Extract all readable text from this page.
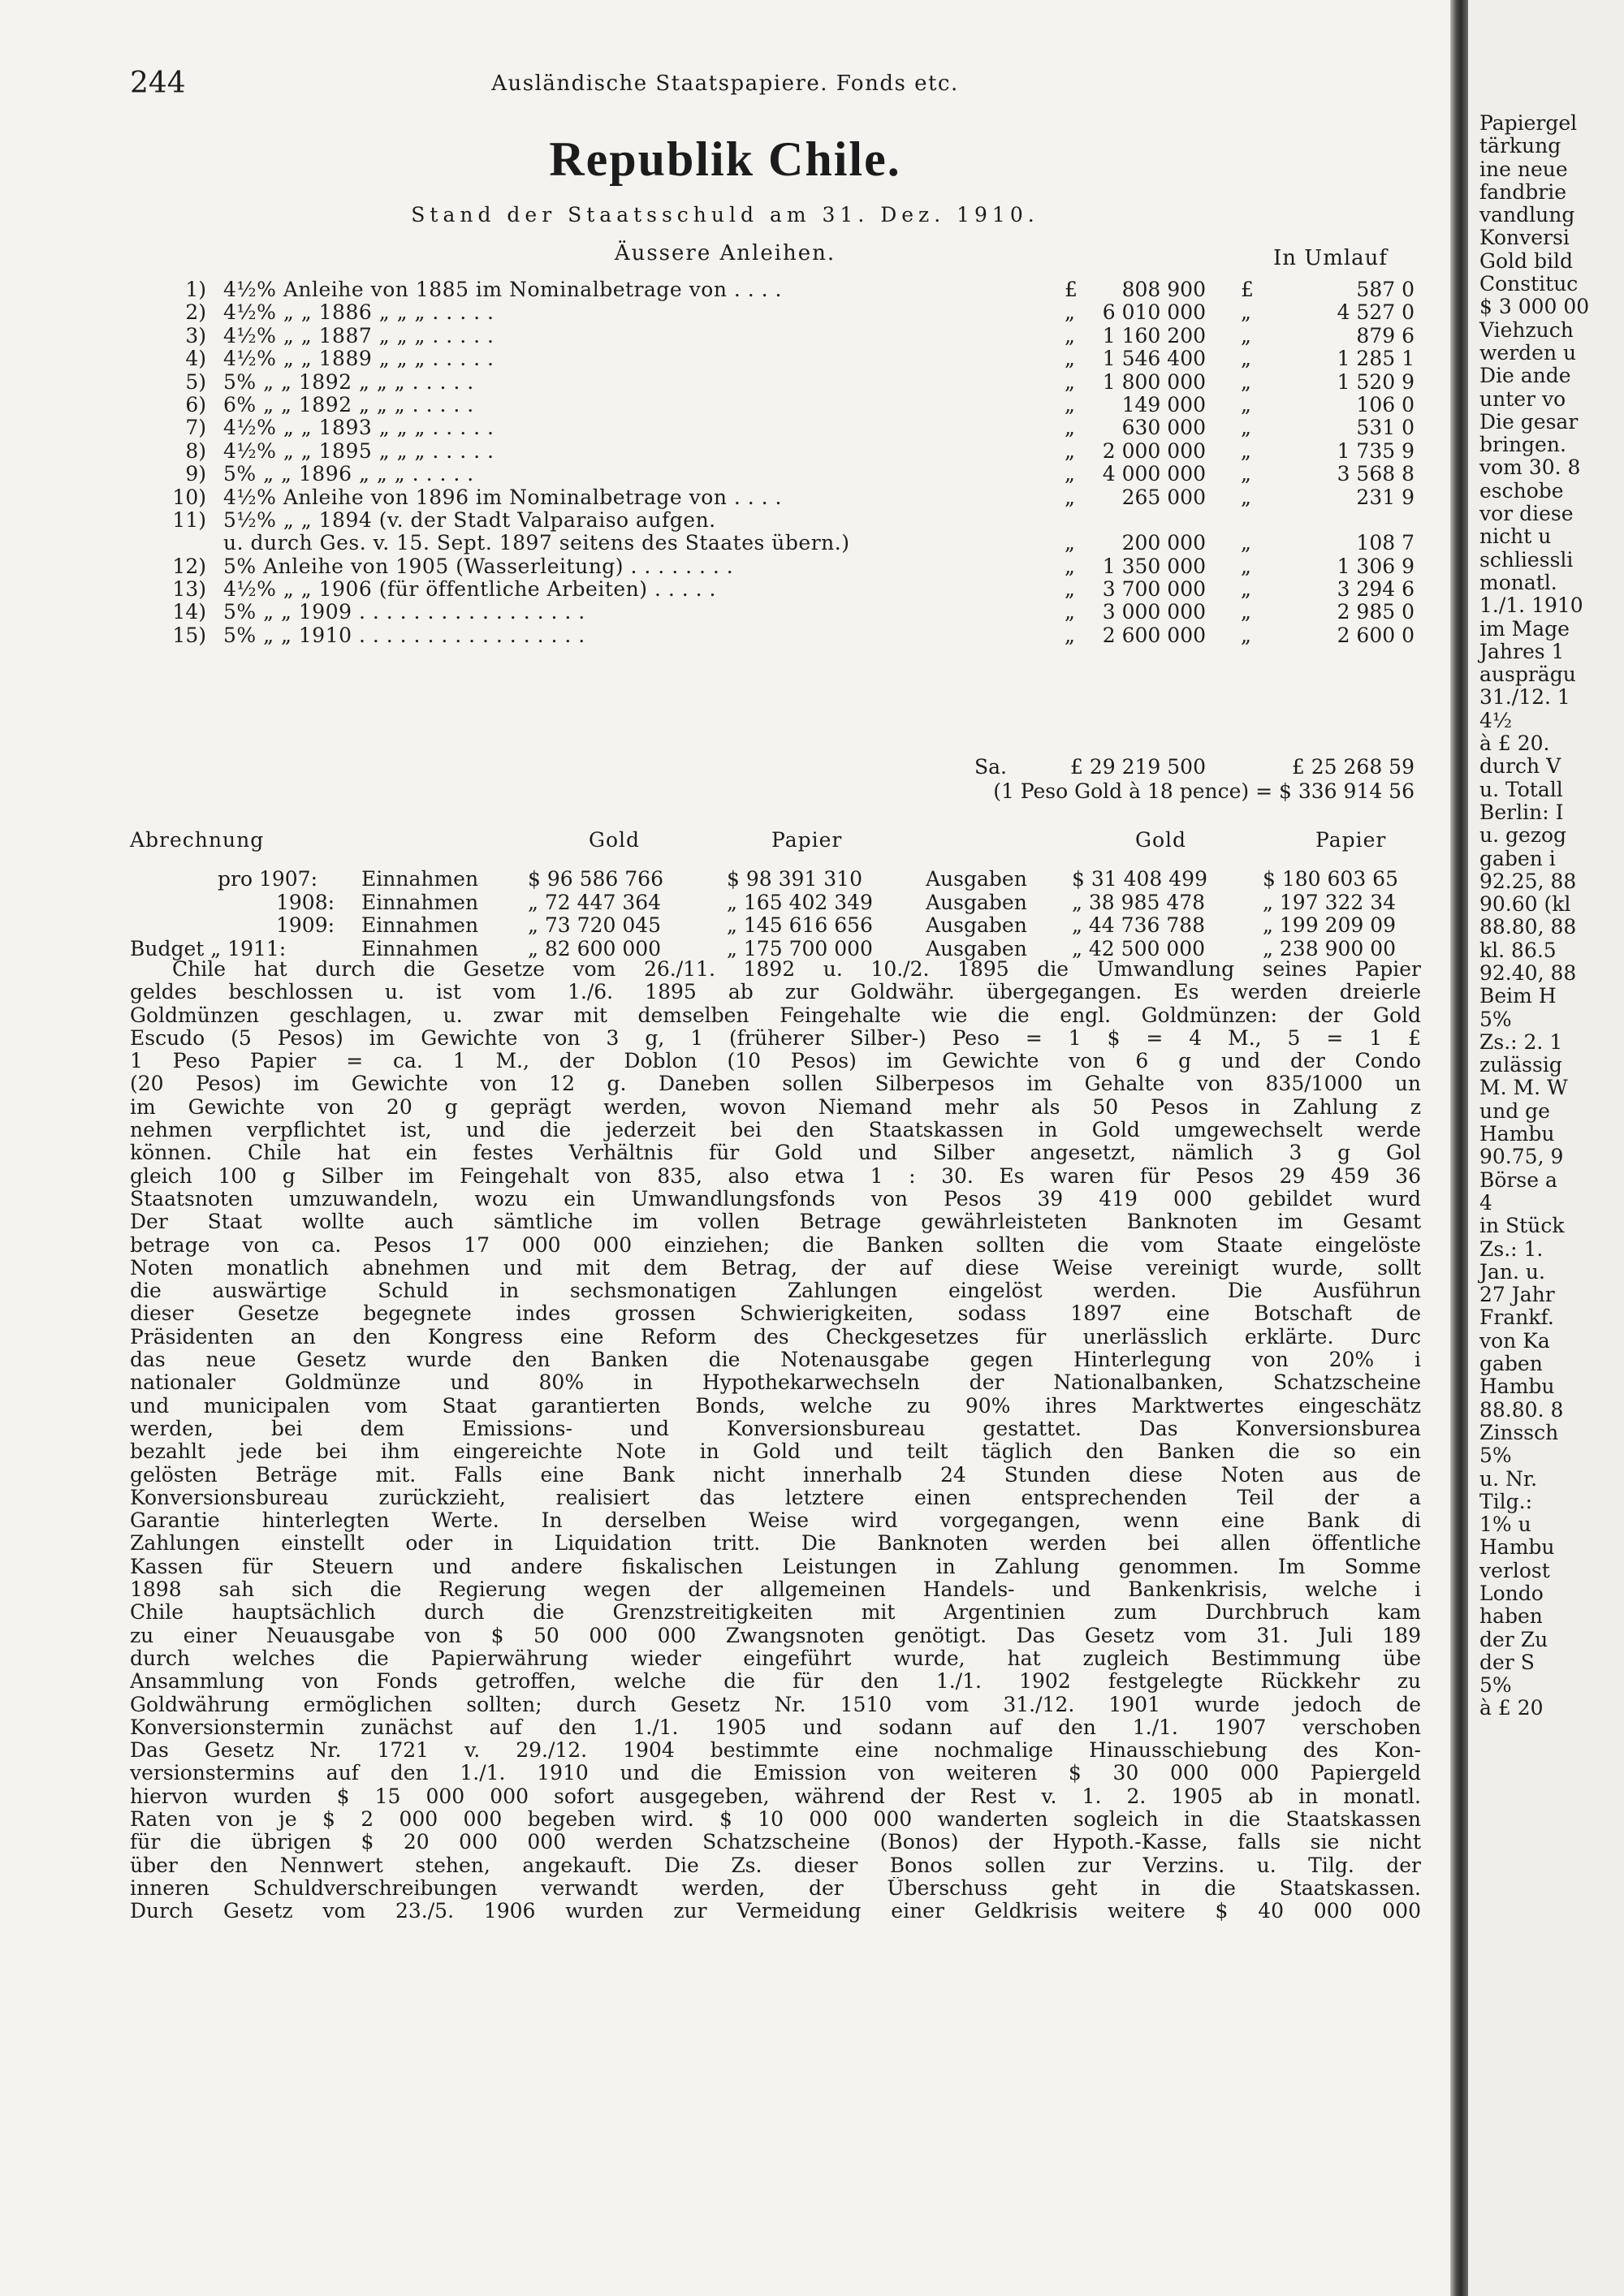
244	Ausländische Staatspapiere. Fonds etc.
Republik Chile.
Stand der Staatsschuld am 31. Dez. 1910.
Äussere Anleihen.	In Umlauf
1) 4½% Anleihe von 1885 im Nominalbetrage von . . . .	£ 808 900 £	587 0
2) 4½% „ „ 1886 „ „ „ . . . . .	„ 6 010 000 „	4 527 0
3) 4½% „ „ 1887 „ „ „ . . . . .	„ 1 160 200 „	879 6
4) 4½% „ „ 1889 „ „ „ . . . . .	„ 1 546 400 „	1 285 1
5) 5% „ „ 1892 „ „ „ . . . . .	„ 1 800 000 „	1 520 9
6) 6% „ „ 1892 „ „ „ . . . . .	„ 149 000 „	106 0
7) 4½% „ „ 1893 „ „ „ . . . . .	„ 630 000 „	531 0
8) 4½% „ „ 1895 „ „ „ . . . . .	„ 2 000 000 „	1 735 9
9) 5% „ „ 1896 „ „ „ . . . . .	„ 4 000 000 „	3 568 8
10) 4½% Anleihe von 1896 im Nominalbetrage von . . . .	„ 265 000 „	231 9
11) 5½% „ „ 1894 (v. der Stadt Valparaiso aufgen.
u. durch Ges. v. 15. Sept. 1897 seitens des Staates übern.)	„ 200 000 „	108 7
12) 5% Anleihe von 1905 (Wasserleitung) . . . . . . . .	„ 1 350 000 „	1 306 9
13) 4½% „ „ 1906 (für öffentliche Arbeiten) . . . . .	„ 3 700 000 „	3 294 6
14) 5% „ „ 1909 . . . . . . . . . . . . . . . . .	„ 3 000 000 „	2 985 0
15) 5% „ „ 1910 . . . . . . . . . . . . . . . . .	„ 2 600 000 „	2 600 0
Sa.	£ 29 219 500	£ 25 268 59
(1 Peso Gold à 18 pence) = $ 336 914 56
Abrechnung	Gold	Papier	Gold	Papier
pro 1907: Einnahmen $ 96 586 766	$ 98 391 310	Ausgaben $ 31 408 499	$ 180 603 65
1908: Einnahmen „ 72 447 364	„ 165 402 349	Ausgaben „ 38 985 478	„ 197 322 34
1909: Einnahmen „ 73 720 045	„ 145 616 656	Ausgaben „ 44 736 788	„ 199 209 09
Budget „ 1911:	Einnahmen „ 82 600 000	„ 175 700 000	Ausgaben „ 42 500 000	„ 238 900 00
Chile hat durch die Gesetze vom 26./11. 1892 u. 10./2. 1895 die Umwandlung seines Papier
geldes beschlossen u. ist vom 1./6. 1895 ab zur Goldwähr. übergegangen. Es werden dreierle
Goldmünzen geschlagen, u. zwar mit demselben Feingehalte wie die engl. Goldmünzen: der Gold
Escudo (5 Pesos) im Gewichte von 3 g, 1 (früherer Silber-) Peso = 1 $ = 4 M., 5 = 1 £
1 Peso Papier = ca. 1 M., der Doblon (10 Pesos) im Gewichte von 6 g und der Condo
(20 Pesos) im Gewichte von 12 g. Daneben sollen Silberpesos im Gehalte von 835/1000 un
im Gewichte von 20 g geprägt werden, wovon Niemand mehr als 50 Pesos in Zahlung z
nehmen verpflichtet ist, und die jederzeit bei den Staatskassen in Gold umgewechselt werde
können. Chile hat ein festes Verhältnis für Gold und Silber angesetzt, nämlich 3 g Gol
gleich 100 g Silber im Feingehalt von 835, also etwa 1 : 30. Es waren für Pesos 29 459 36
Staatsnoten umzuwandeln, wozu ein Umwandlungsfonds von Pesos 39 419 000 gebildet wurd
Der Staat wollte auch sämtliche im vollen Betrage gewährleisteten Banknoten im Gesamt
betrage von ca. Pesos 17 000 000 einziehen; die Banken sollten die vom Staate eingelöste
Noten monatlich abnehmen und mit dem Betrag, der auf diese Weise vereinigt wurde, sollt
die auswärtige Schuld in sechsmonatigen Zahlungen eingelöst werden. Die Ausführun
dieser Gesetze begegnete indes grossen Schwierigkeiten, sodass 1897 eine Botschaft de
Präsidenten an den Kongress eine Reform des Checkgesetzes für unerlässlich erklärte. Durc
das neue Gesetz wurde den Banken die Notenausgabe gegen Hinterlegung von 20% i
nationaler Goldmünze und 80% in Hypothekarwechseln der Nationalbanken, Schatzscheine
und municipalen vom Staat garantierten Bonds, welche zu 90% ihres Marktwertes eingeschätz
werden, bei dem Emissions- und Konversionsbureau gestattet. Das Konversionsburea
bezahlt jede bei ihm eingereichte Note in Gold und teilt täglich den Banken die so ein
gelösten Beträge mit. Falls eine Bank nicht innerhalb 24 Stunden diese Noten aus de
Konversionsbureau zurückzieht, realisiert das letztere einen entsprechenden Teil der a
Garantie hinterlegten Werte. In derselben Weise wird vorgegangen, wenn eine Bank di
Zahlungen einstellt oder in Liquidation tritt. Die Banknoten werden bei allen öffentliche
Kassen für Steuern und andere fiskalischen Leistungen in Zahlung genommen. Im Somme
1898 sah sich die Regierung wegen der allgemeinen Handels- und Bankenkrisis, welche i
Chile hauptsächlich durch die Grenzstreitigkeiten mit Argentinien zum Durchbruch kam
zu einer Neuausgabe von $ 50 000 000 Zwangsnoten genötigt. Das Gesetz vom 31. Juli 189
durch welches die Papierwährung wieder eingeführt wurde, hat zugleich Bestimmung übe
Ansammlung von Fonds getroffen, welche die für den 1./1. 1902 festgelegte Rückkehr zu
Goldwährung ermöglichen sollten; durch Gesetz Nr. 1510 vom 31./12. 1901 wurde jedoch de
Konversionstermin zunächst auf den 1./1. 1905 und sodann auf den 1./1. 1907 verschoben
Das Gesetz Nr. 1721 v. 29./12. 1904 bestimmte eine nochmalige Hinausschiebung des Kon-
versionstermins auf den 1./1. 1910 und die Emission von weiteren $ 30 000 000 Papiergeld
hiervon wurden $ 15 000 000 sofort ausgegeben, während der Rest v. 1. 2. 1905 ab in monatl.
Raten von je $ 2 000 000 begeben wird. $ 10 000 000 wanderten sogleich in die Staatskassen
für die übrigen $ 20 000 000 werden Schatzscheine (Bonos) der Hypoth.-Kasse, falls sie nicht
über den Nennwert stehen, angekauft. Die Zs. dieser Bonos sollen zur Verzins. u. Tilg. der
inneren Schuldverschreibungen verwandt werden, der Überschuss geht in die Staatskassen.
Durch Gesetz vom 23./5. 1906 wurden zur Vermeidung einer Geldkrisis weitere $ 40 000 000
Papiergel
tärkung
ine neue
fandbrie
vandlung
Konversi
Gold bild
Constituc
$ 3 000 00
Viehzuch
werden u
Die ande
unter vo
Die gesar
bringen.
vom 30. 8
eschobe
vor diese
nicht u
schliessli
monatl.
1./1. 1910
im Mage
Jahres 1
ausprägu
31./12. 1
4½
à £ 20.
durch V
u. Totall
Berlin: I
u. gezog
gaben i
92.25, 88
90.60 (kl
88.80, 88
kl. 86.5
92.40, 88
Beim H
5%
Zs.: 2. 1
zulässig
M. M. W
und ge
Hambu
90.75, 9
Börse a
4
in Stück
Zs.: 1.
Jan. u.
27 Jahr
Frankf.
von Ka
gaben
Hambu
88.80. 8
Zinssch
5%
u. Nr.
Tilg.:
1% u
Hambu
verlost
Londo
haben
der Zu
der S
5%
à £ 20
